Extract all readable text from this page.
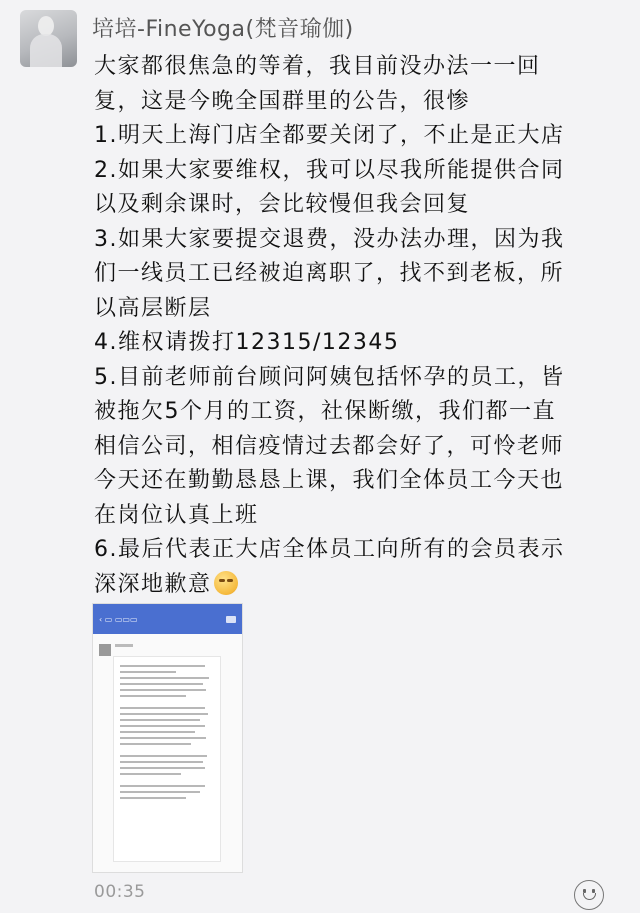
培培-FineYoga(梵音瑜伽)
大家都很焦急的等着，我目前没办法一一回
复，这是今晚全国群里的公告，很惨
1.明天上海门店全都要关闭了，不止是正大店
2.如果大家要维权，我可以尽我所能提供合同
以及剩余课时，会比较慢但我会回复
3.如果大家要提交退费，没办法办理，因为我
们一线员工已经被迫离职了，找不到老板，所
以高层断层
4.维权请拨打12315/12345
5.目前老师前台顾问阿姨包括怀孕的员工，皆
被拖欠5个月的工资，社保断缴，我们都一直
相信公司，相信疫情过去都会好了，可怜老师
今天还在勤勤恳恳上课，我们全体员工今天也
在岗位认真上班
6.最后代表正大店全体员工向所有的会员表示
深深地歉意
‹ ▭ ▭▭▭
00:35
